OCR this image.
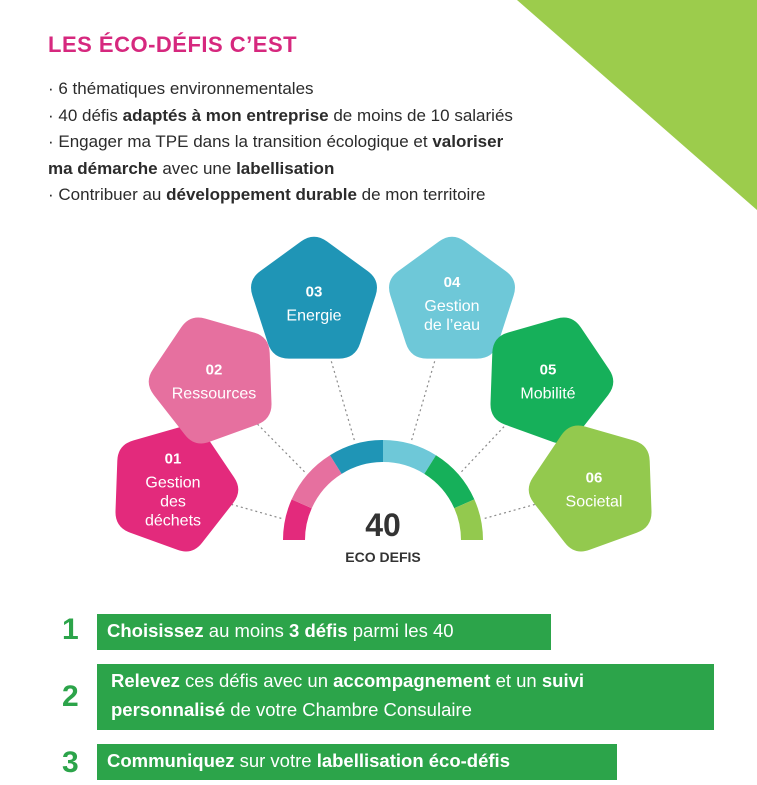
LES ÉCO-DÉFIS C’EST
· 6 thématiques environnementales
· 40 défis adaptés à mon entreprise de moins de 10 salariés
· Engager ma TPE dans la transition écologique et valoriser
ma démarche avec une labellisation
· Contribuer au développement durable de mon territoire
01
Gestion
des
déchets
02
Ressources
03
Energie
04
Gestion
de l’eau
05
Mobilité
06
Societal
40
ECO DEFIS
1 Choisissez au moins 3 défis parmi les 40
2 Relevez ces défis avec un accompagnement et un suivi
personnalisé de votre Chambre Consulaire
3 Communiquez sur votre labellisation éco-défis
